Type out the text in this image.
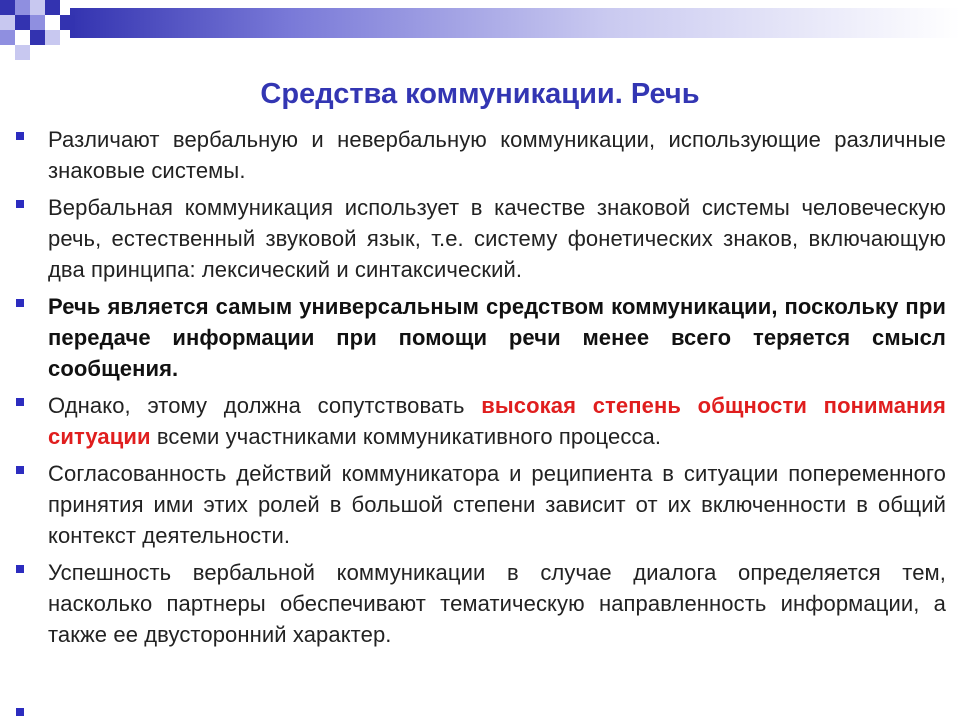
Средства коммуникации. Речь
Различают вербальную и невербальную коммуникации, использующие различные знаковые системы.
Вербальная коммуникация использует в качестве знаковой системы человеческую речь, естественный звуковой язык, т.е. систему фонетических знаков, включающую два принципа: лексический и синтаксический.
Речь является самым универсальным средством коммуникации, поскольку при передаче информации при помощи речи менее всего теряется смысл сообщения.
Однако, этому должна сопутствовать высокая степень общности понимания ситуации всеми участниками коммуникативного процесса.
Согласованность действий коммуникатора и реципиента в ситуации попеременного принятия ими этих ролей в большой степени зависит от их включенности в общий контекст деятельности.
Успешность вербальной коммуникации в случае диалога определяется тем, насколько партнеры обеспечивают тематическую направленность информации, а также ее двусторонний характер.
